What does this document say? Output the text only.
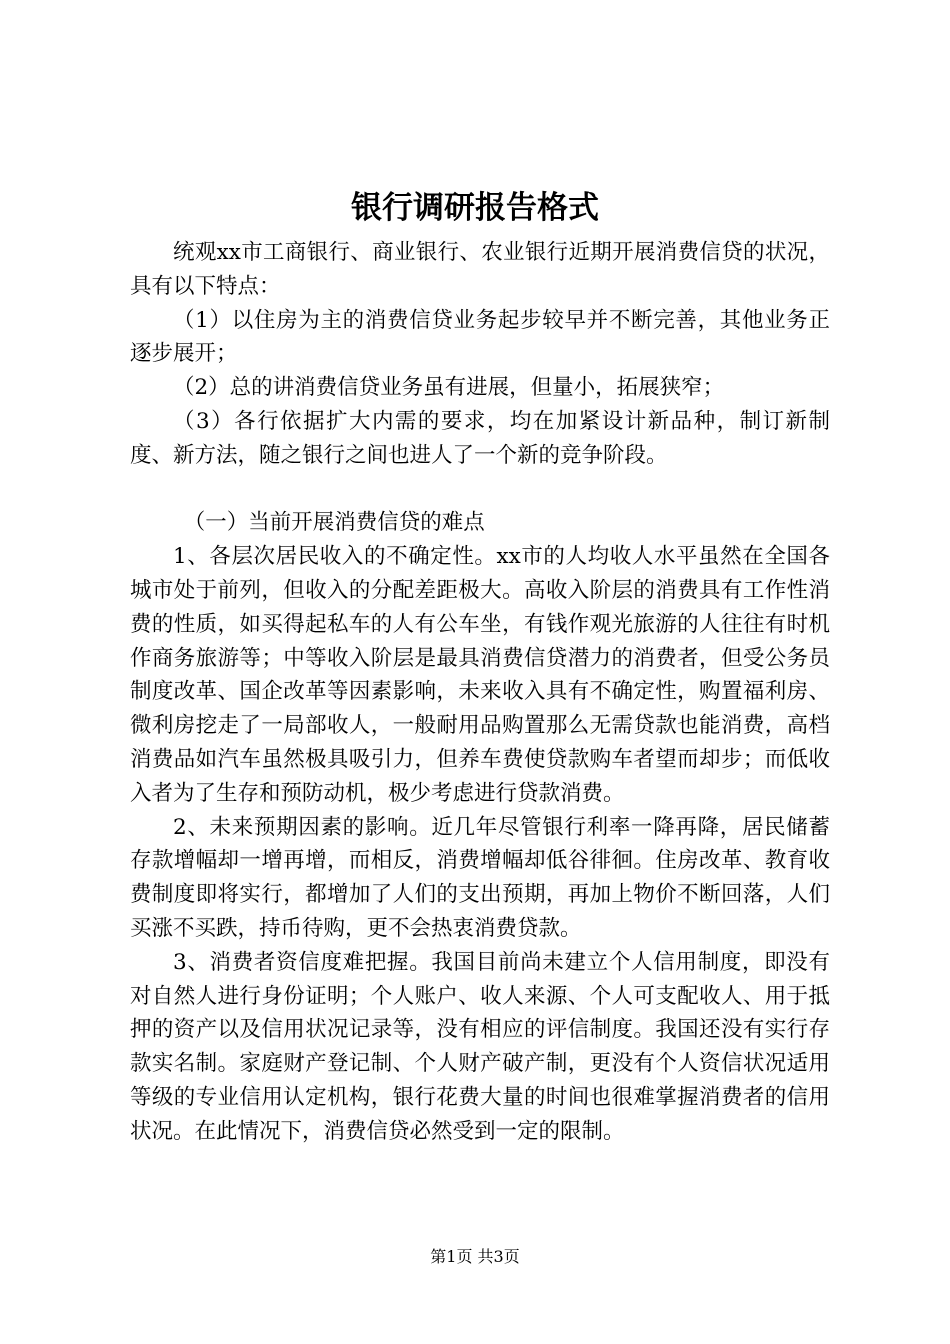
银行调研报告格式

统观xx市工商银行、商业银行、农业银行近期开展消费信贷的状况，具有以下特点：

（1）以住房为主的消费信贷业务起步较早并不断完善，其他业务正逐步展开；

（2）总的讲消费信贷业务虽有进展，但量小，拓展狭窄；

（3）各行依据扩大内需的要求，均在加紧设计新品种，制订新制度、新方法，随之银行之间也进人了一个新的竞争阶段。

（一）当前开展消费信贷的难点

1、各层次居民收入的不确定性。xx市的人均收人水平虽然在全国各城市处于前列，但收入的分配差距极大。高收入阶层的消费具有工作性消费的性质，如买得起私车的人有公车坐，有钱作观光旅游的人往往有时机作商务旅游等；中等收入阶层是最具消费信贷潜力的消费者，但受公务员制度改革、国企改革等因素影响，未来收入具有不确定性，购置福利房、微利房挖走了一局部收人，一般耐用品购置那么无需贷款也能消费，高档消费品如汽车虽然极具吸引力，但养车费使贷款购车者望而却步；而低收入者为了生存和预防动机，极少考虑进行贷款消费。

2、未来预期因素的影响。近几年尽管银行利率一降再降，居民储蓄存款增幅却一增再增，而相反，消费增幅却低谷徘徊。住房改革、教育收费制度即将实行，都增加了人们的支出预期，再加上物价不断回落，人们买涨不买跌，持币待购，更不会热衷消费贷款。

3、消费者资信度难把握。我国目前尚未建立个人信用制度，即没有对自然人进行身份证明；个人账户、收人来源、个人可支配收人、用于抵押的资产以及信用状况记录等，没有相应的评信制度。我国还没有实行存款实名制。家庭财产登记制、个人财产破产制，更没有个人资信状况适用等级的专业信用认定机构，银行花费大量的时间也很难掌握消费者的信用状况。在此情况下，消费信贷必然受到一定的限制。

第1页 共3页
